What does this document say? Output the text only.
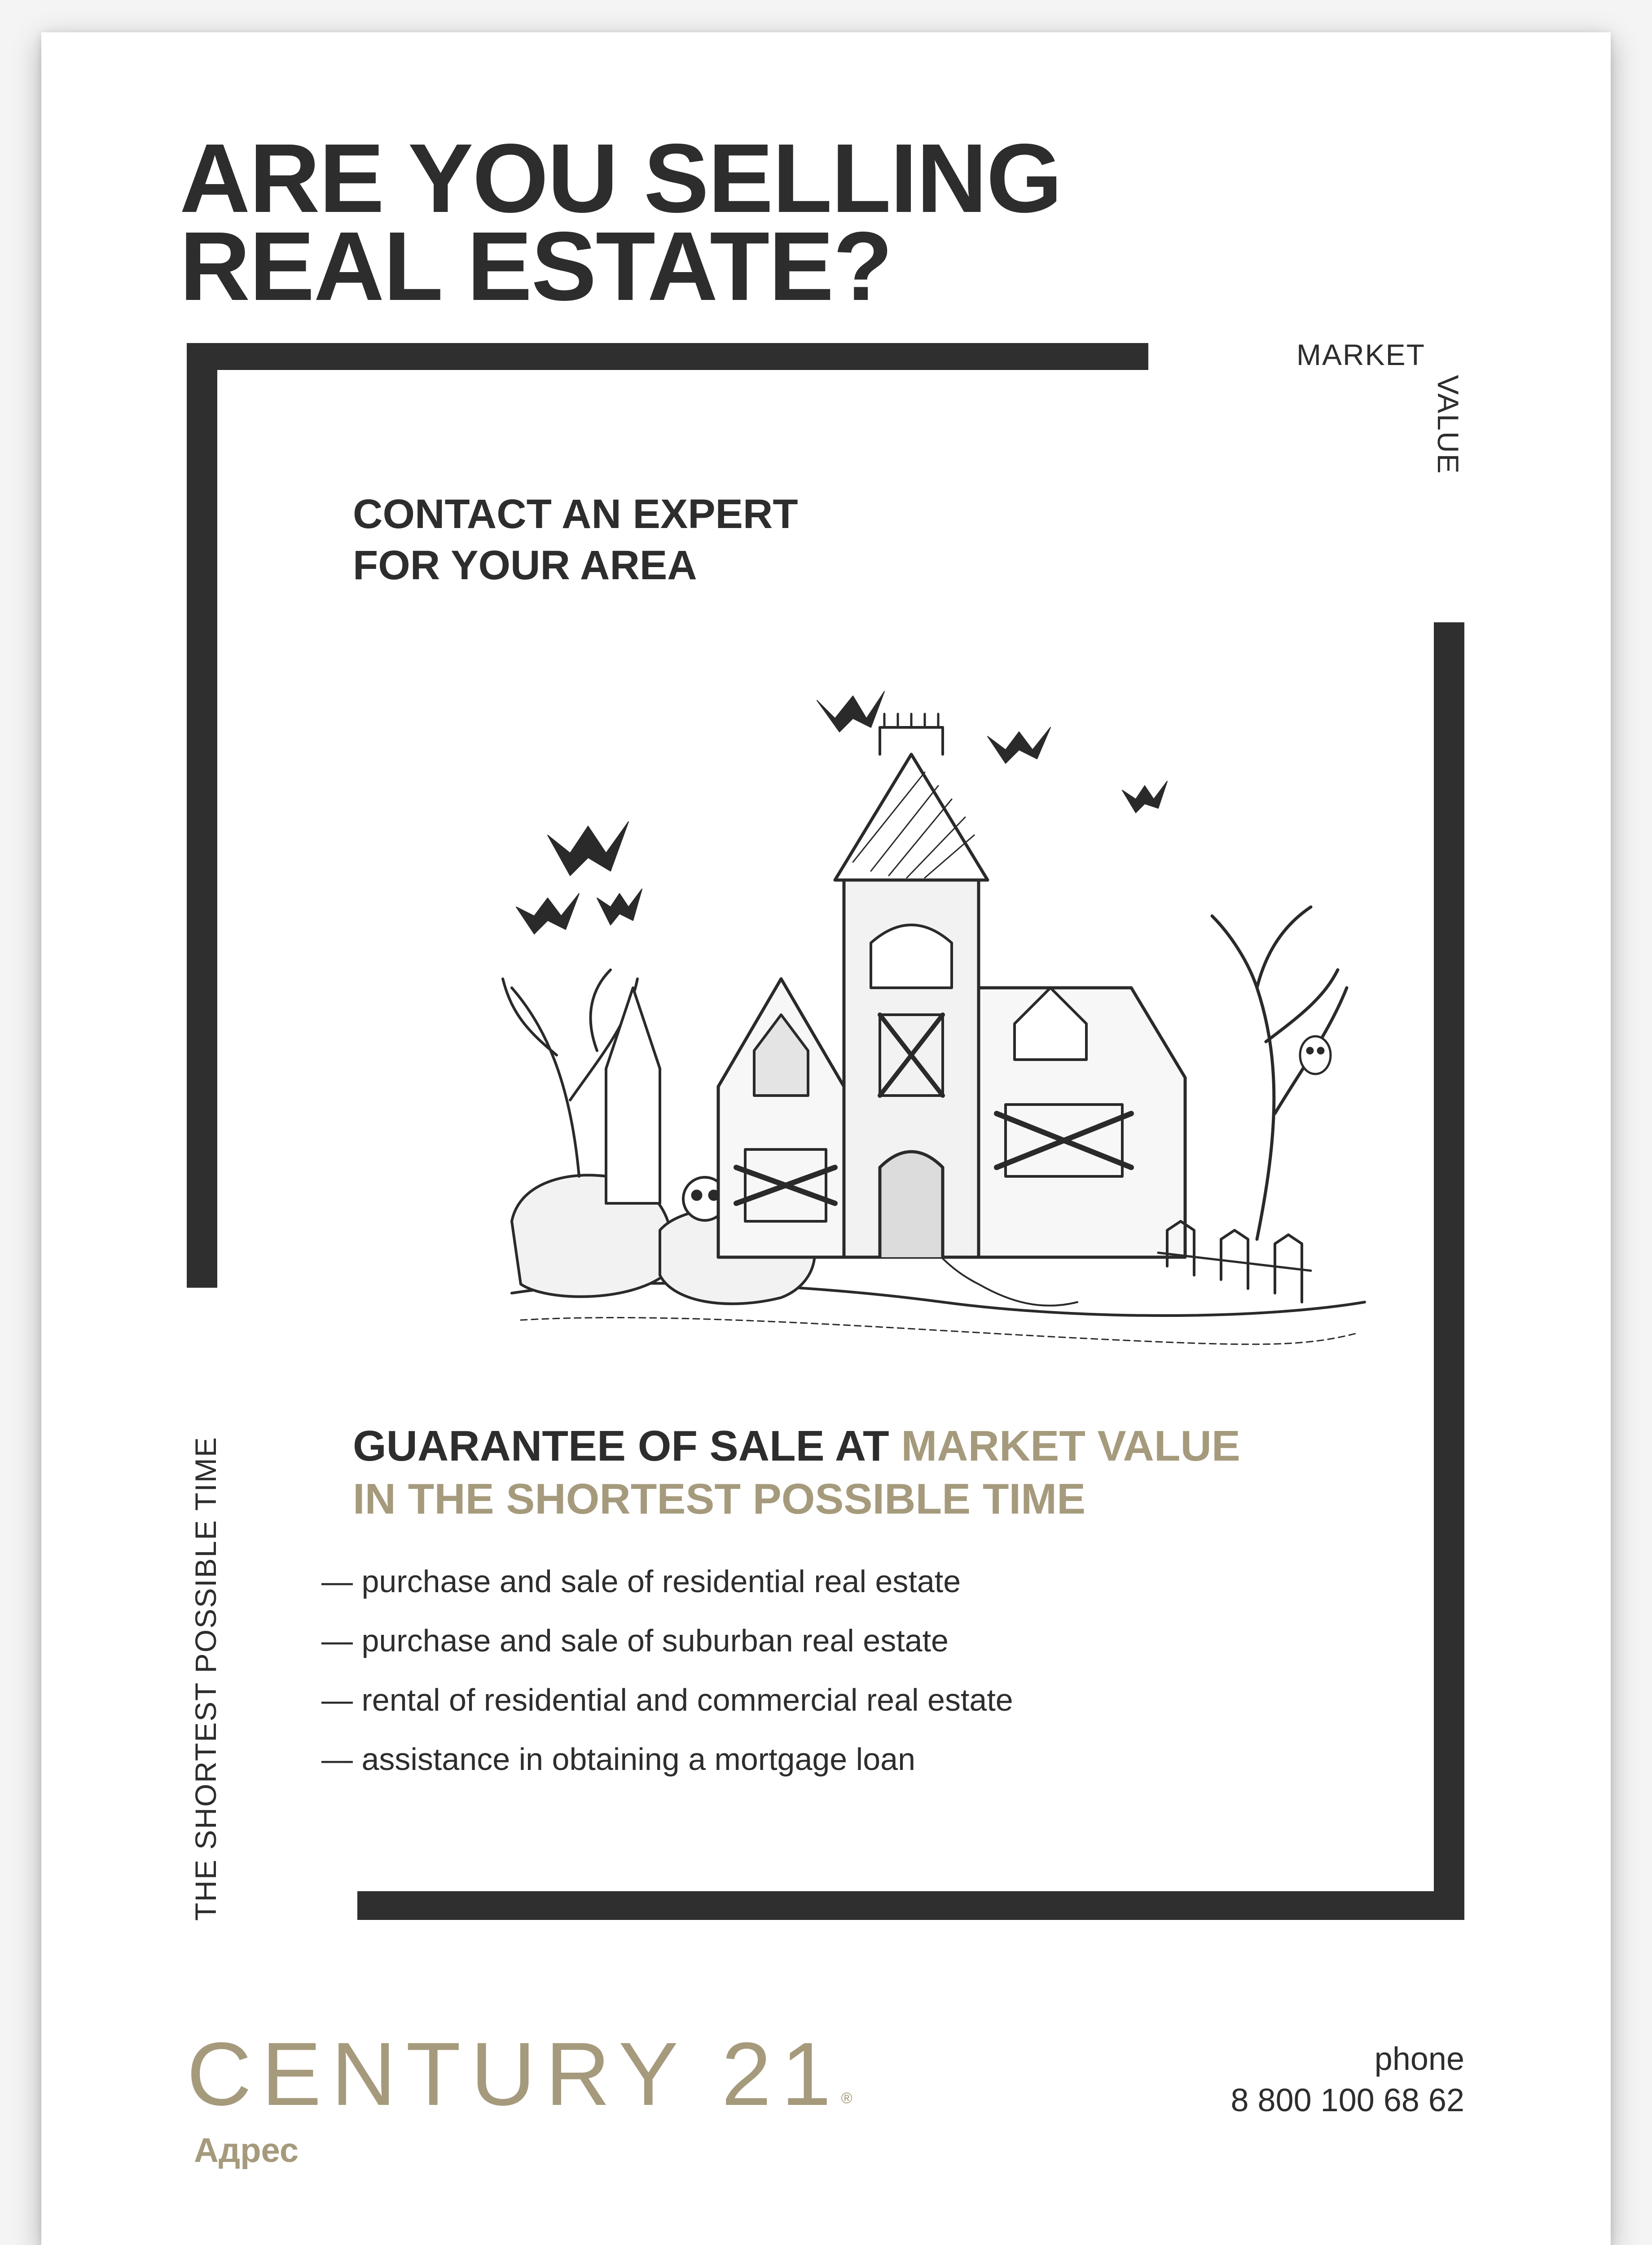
ARE YOU SELLING
REAL ESTATE?
MARKET
VALUE
THE SHORTEST POSSIBLE TIME
CONTACT AN EXPERT
FOR YOUR AREA
GUARANTEE OF SALE AT MARKET VALUE
IN THE SHORTEST POSSIBLE TIME
— purchase and sale of residential real estate
— purchase and sale of suburban real estate
— rental of residential and commercial real estate
— assistance in obtaining a mortgage loan
CENTURY 21®
Адрес
phone
8 800 100 68 62
